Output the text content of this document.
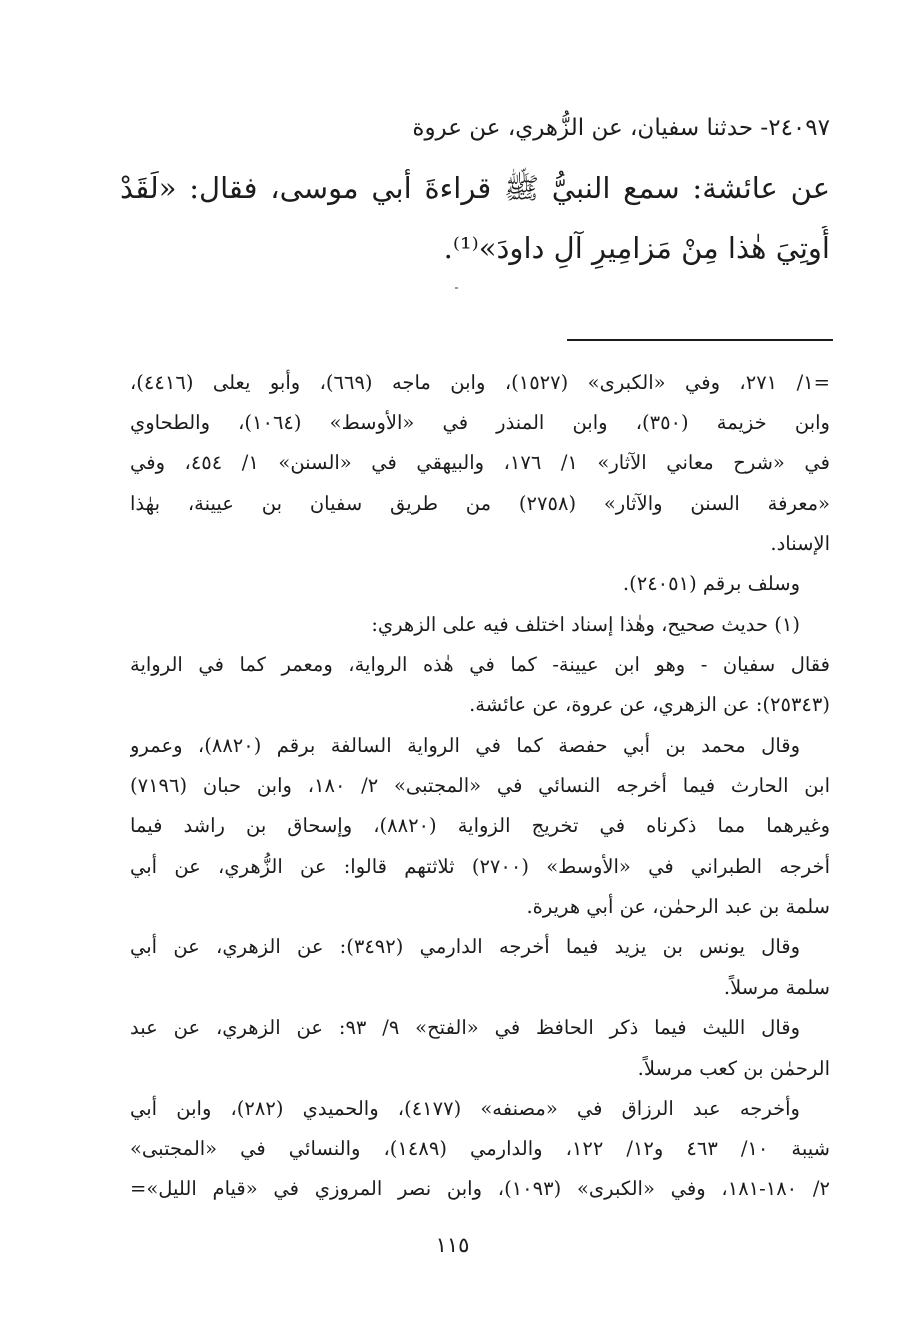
٢٤٠٩٧- حدثنا سفيان، عن الزُّهري، عن عروة
عن عائشة: سمع النبيُّ ﷺ قراءةَ أبي موسى، فقال: «لَقَدْ
أُوتِيَ هٰذا مِنْ مَزامِيرِ آلِ داودَ»⁽¹⁾.
=١/ ٢٧١، وفي «الكبرى» (١٥٢٧)، وابن ماجه (٦٦٩)، وأبو يعلى (٤٤١٦)،
وابن خزيمة (٣٥٠)، وابن المنذر في «الأوسط» (١٠٦٤)، والطحاوي
في «شرح معاني الآثار» ١/ ١٧٦، والبيهقي في «السنن» ١/ ٤٥٤، وفي
«معرفة السنن والآثار» (٢٧٥٨) من طريق سفيان بن عيينة، بهٰذا
الإسناد.
وسلف برقم (٢٤٠٥١).
(١) حديث صحيح، وهٰذا إسناد اختلف فيه على الزهري:
فقال سفيان - وهو ابن عيينة- كما في هٰذه الرواية، ومعمر كما في الرواية
(٢٥٣٤٣): عن الزهري، عن عروة، عن عائشة.
وقال محمد بن أبي حفصة كما في الرواية السالفة برقم (٨٨٢٠)، وعمرو
ابن الحارث فيما أخرجه النسائي في «المجتبى» ٢/ ١٨٠، وابن حبان (٧١٩٦)
وغيرهما مما ذكرناه في تخريج الزواية (٨٨٢٠)، وإسحاق بن راشد فيما
أخرجه الطبراني في «الأوسط» (٢٧٠٠) ثلاثتهم قالوا: عن الزُّهري، عن أبي
سلمة بن عبد الرحمٰن، عن أبي هريرة.
وقال يونس بن يزيد فيما أخرجه الدارمي (٣٤٩٢): عن الزهري، عن أبي
سلمة مرسلاً.
وقال الليث فيما ذكر الحافظ في «الفتح» ٩/ ٩٣: عن الزهري، عن عبد
الرحمٰن بن كعب مرسلاً.
وأخرجه عبد الرزاق في «مصنفه» (٤١٧٧)، والحميدي (٢٨٢)، وابن أبي
شيبة ١٠/ ٤٦٣ و١٢/ ١٢٢، والدارمي (١٤٨٩)، والنسائي في «المجتبى»
٢/ ١٨٠-١٨١، وفي «الكبرى» (١٠٩٣)، وابن نصر المروزي في «قيام الليل»=
١١٥
